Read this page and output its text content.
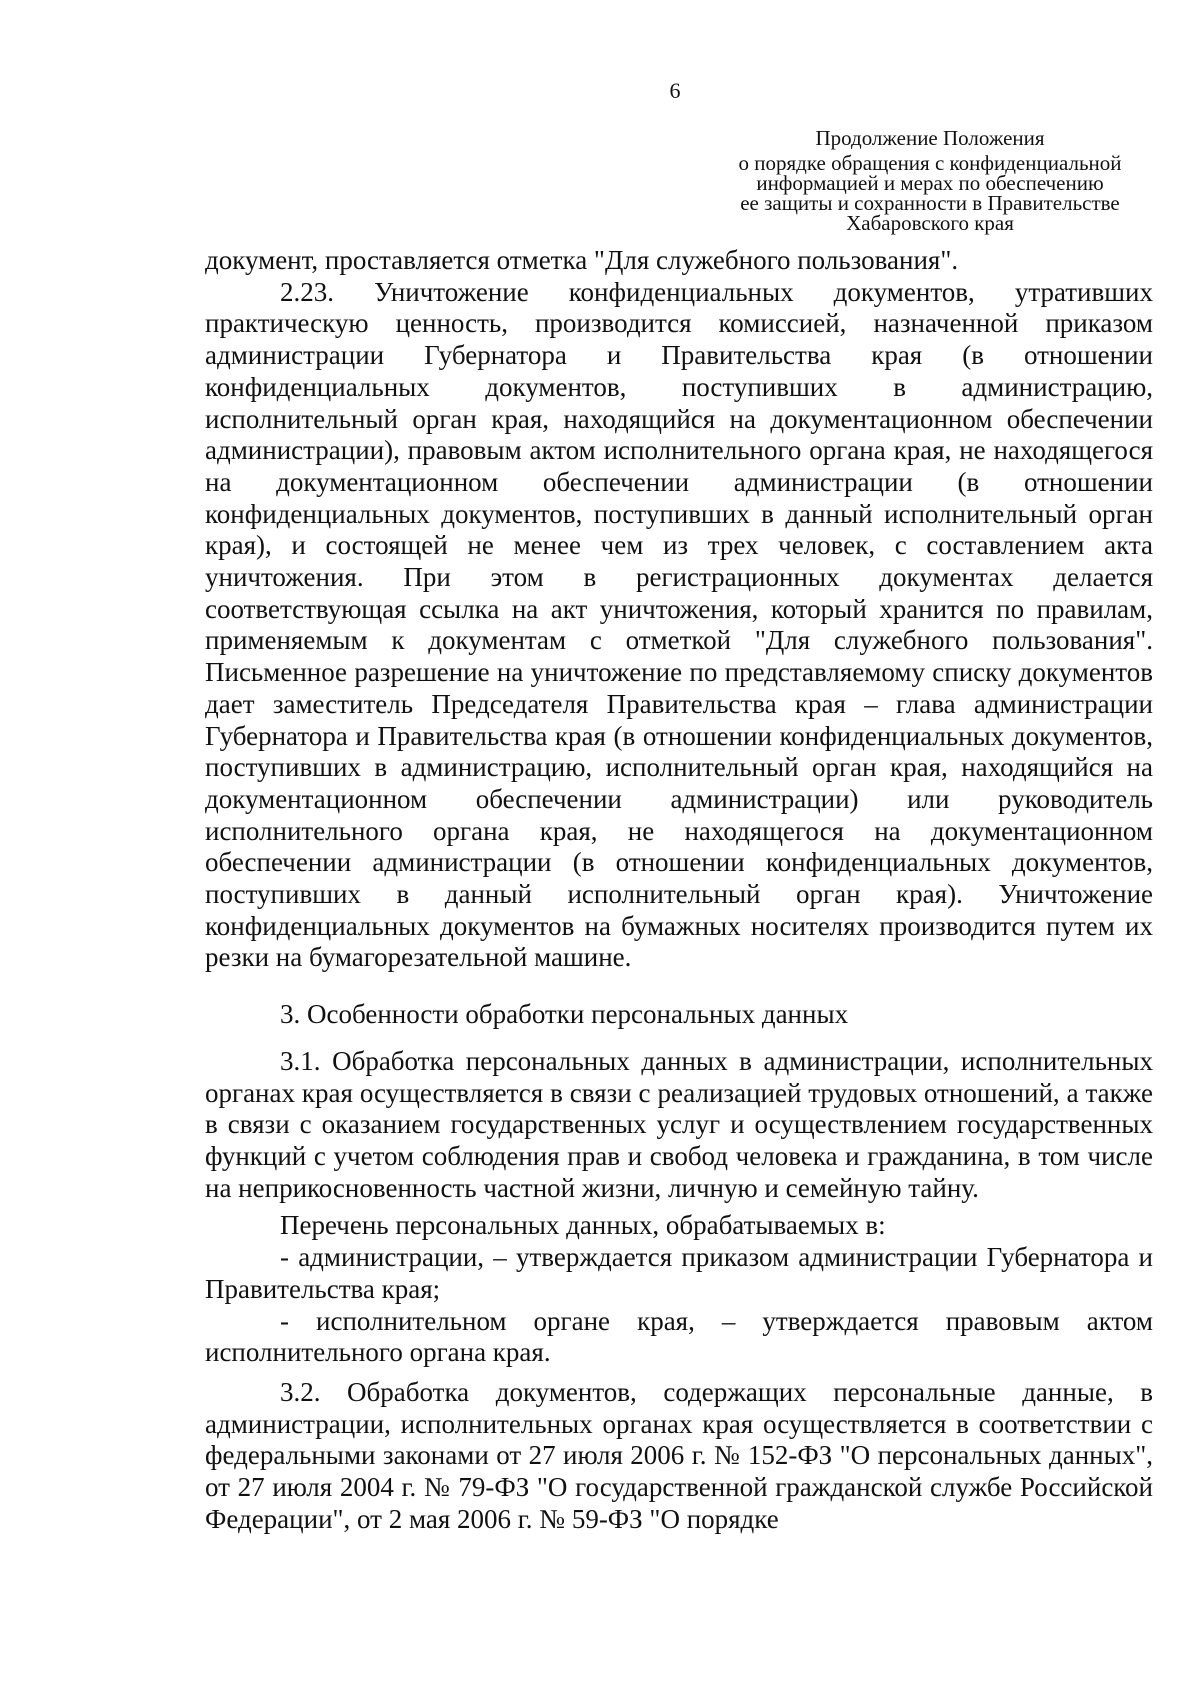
6
Продолжение Положения
о порядке обращения с конфиденциальной
информацией и мерах по обеспечению
ее защиты и сохранности в Правительстве
Хабаровского края

документ, проставляется отметка "Для служебного пользования".

2.23. Уничтожение конфиденциальных документов, утративших практическую ценность, производится комиссией, назначенной приказом администрации Губернатора и Правительства края (в отношении конфиденциальных документов, поступивших в администрацию, исполнительный орган края, находящийся на документационном обеспечении администрации), правовым актом исполнительного органа края, не находящегося на документационном обеспечении администрации (в отношении конфиденциальных документов, поступивших в данный исполнительный орган края), и состоящей не менее чем из трех человек, с составлением акта уничтожения. При этом в регистрационных документах делается соответствующая ссылка на акт уничтожения, который хранится по правилам, применяемым к документам с отметкой "Для служебного пользования". Письменное разрешение на уничтожение по представляемому списку документов дает заместитель Председателя Правительства края – глава администрации Губернатора и Правительства края (в отношении конфиденциальных документов, поступивших в администрацию, исполнительный орган края, находящийся на документационном обеспечении администрации) или руководитель исполнительного органа края, не находящегося на документационном обеспечении администрации (в отношении конфиденциальных документов, поступивших в данный исполнительный орган края). Уничтожение конфиденциальных документов на бумажных носителях производится путем их резки на бумагорезательной машине.

3. Особенности обработки персональных данных

3.1. Обработка персональных данных в администрации, исполнительных органах края осуществляется в связи с реализацией трудовых отношений, а также в связи с оказанием государственных услуг и осуществлением государственных функций с учетом соблюдения прав и свобод человека и гражданина, в том числе на неприкосновенность частной жизни, личную и семейную тайну.

Перечень персональных данных, обрабатываемых в:

- администрации, – утверждается приказом администрации Губернатора и Правительства края;

- исполнительном органе края, – утверждается правовым актом исполнительного органа края.

3.2. Обработка документов, содержащих персональные данные, в администрации, исполнительных органах края осуществляется в соответствии с федеральными законами от 27 июля 2006 г. № 152-ФЗ "О персональных данных", от 27 июля 2004 г. № 79-ФЗ "О государственной гражданской службе Российской Федерации", от 2 мая 2006 г. № 59-ФЗ "О порядке
